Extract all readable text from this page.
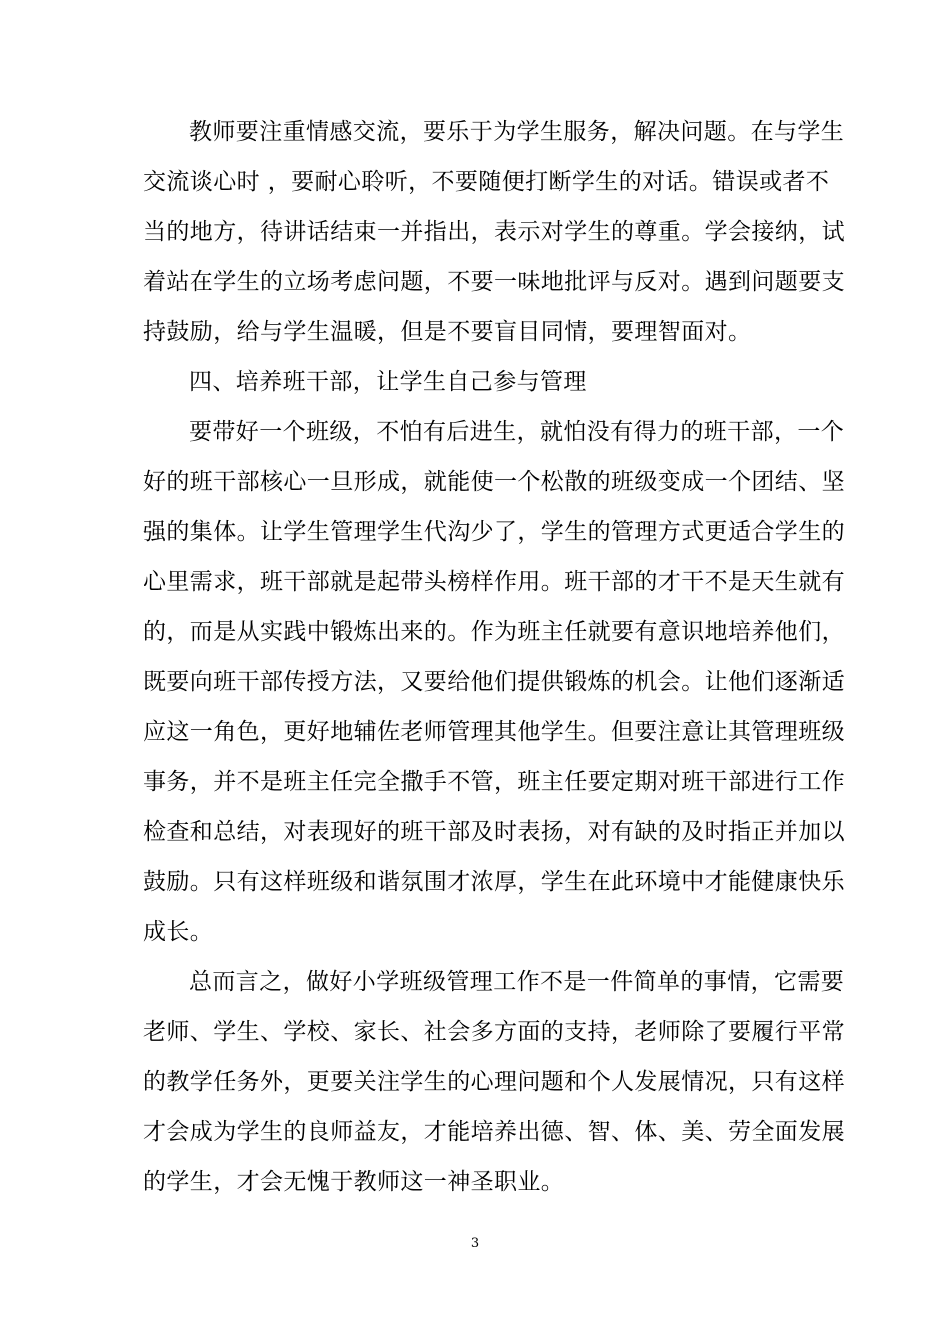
教师要注重情感交流，要乐于为学生服务，解决问题。在与学生
交流谈心时 ，要耐心聆听，不要随便打断学生的对话。错误或者不
当的地方，待讲话结束一并指出，表示对学生的尊重。学会接纳，试
着站在学生的立场考虑问题，不要一味地批评与反对。遇到问题要支
持鼓励，给与学生温暖，但是不要盲目同情，要理智面对。
四、培养班干部，让学生自己参与管理
要带好一个班级，不怕有后进生，就怕没有得力的班干部，一个
好的班干部核心一旦形成，就能使一个松散的班级变成一个团结、坚
强的集体。让学生管理学生代沟少了，学生的管理方式更适合学生的
心里需求，班干部就是起带头榜样作用。班干部的才干不是天生就有
的，而是从实践中锻炼出来的。作为班主任就要有意识地培养他们，
既要向班干部传授方法，又要给他们提供锻炼的机会。让他们逐渐适
应这一角色，更好地辅佐老师管理其他学生。但要注意让其管理班级
事务，并不是班主任完全撒手不管，班主任要定期对班干部进行工作
检查和总结，对表现好的班干部及时表扬，对有缺的及时指正并加以
鼓励。只有这样班级和谐氛围才浓厚，学生在此环境中才能健康快乐
成长。
总而言之，做好小学班级管理工作不是一件简单的事情，它需要
老师、学生、学校、家长、社会多方面的支持，老师除了要履行平常
的教学任务外，更要关注学生的心理问题和个人发展情况，只有这样
才会成为学生的良师益友，才能培养出德、智、体、美、劳全面发展
的学生，才会无愧于教师这一神圣职业。
3
